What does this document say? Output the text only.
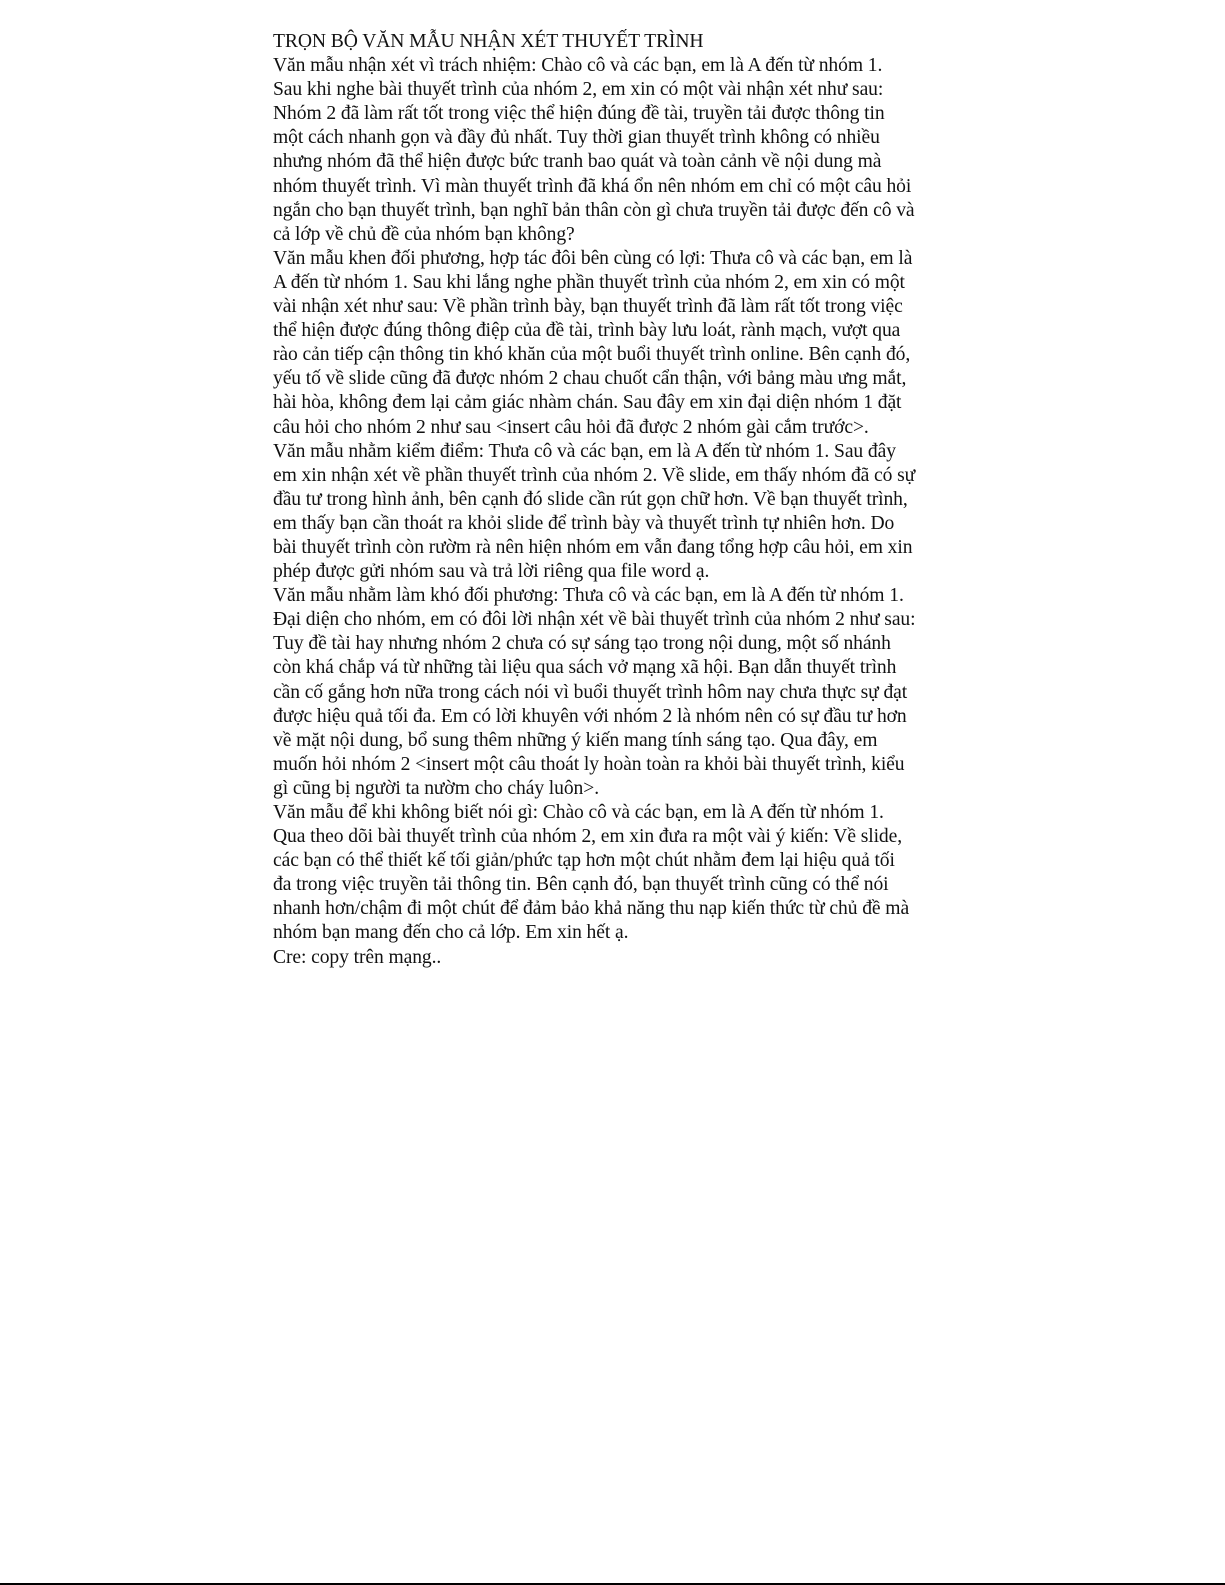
TRỌN BỘ VĂN MẪU NHẬN XÉT THUYẾT TRÌNH
Văn mẫu nhận xét vì trách nhiệm: Chào cô và các bạn, em là A đến từ nhóm 1.
Sau khi nghe bài thuyết trình của nhóm 2, em xin có một vài nhận xét như sau:
Nhóm 2 đã làm rất tốt trong việc thể hiện đúng đề tài, truyền tải được thông tin
một cách nhanh gọn và đầy đủ nhất. Tuy thời gian thuyết trình không có nhiều
nhưng nhóm đã thể hiện được bức tranh bao quát và toàn cảnh về nội dung mà
nhóm thuyết trình. Vì màn thuyết trình đã khá ổn nên nhóm em chỉ có một câu hỏi
ngắn cho bạn thuyết trình, bạn nghĩ bản thân còn gì chưa truyền tải được đến cô và
cả lớp về chủ đề của nhóm bạn không?
Văn mẫu khen đối phương, hợp tác đôi bên cùng có lợi: Thưa cô và các bạn, em là
A đến từ nhóm 1. Sau khi lắng nghe phần thuyết trình của nhóm 2, em xin có một
vài nhận xét như sau: Về phần trình bày, bạn thuyết trình đã làm rất tốt trong việc
thể hiện được đúng thông điệp của đề tài, trình bày lưu loát, rành mạch, vượt qua
rào cản tiếp cận thông tin khó khăn của một buổi thuyết trình online. Bên cạnh đó,
yếu tố về slide cũng đã được nhóm 2 chau chuốt cẩn thận, với bảng màu ưng mắt,
hài hòa, không đem lại cảm giác nhàm chán. Sau đây em xin đại diện nhóm 1 đặt
câu hỏi cho nhóm 2 như sau <insert câu hỏi đã được 2 nhóm gài cắm trước>.
Văn mẫu nhằm kiểm điểm: Thưa cô và các bạn, em là A đến từ nhóm 1. Sau đây
em xin nhận xét về phần thuyết trình của nhóm 2. Về slide, em thấy nhóm đã có sự
đầu tư trong hình ảnh, bên cạnh đó slide cần rút gọn chữ hơn. Về bạn thuyết trình,
em thấy bạn cần thoát ra khỏi slide để trình bày và thuyết trình tự nhiên hơn. Do
bài thuyết trình còn rườm rà nên hiện nhóm em vẫn đang tổng hợp câu hỏi, em xin
phép được gửi nhóm sau và trả lời riêng qua file word ạ.
Văn mẫu nhằm làm khó đối phương: Thưa cô và các bạn, em là A đến từ nhóm 1.
Đại diện cho nhóm, em có đôi lời nhận xét về bài thuyết trình của nhóm 2 như sau:
Tuy đề tài hay nhưng nhóm 2 chưa có sự sáng tạo trong nội dung, một số nhánh
còn khá chắp vá từ những tài liệu qua sách vở mạng xã hội. Bạn dẫn thuyết trình
cần cố gắng hơn nữa trong cách nói vì buổi thuyết trình hôm nay chưa thực sự đạt
được hiệu quả tối đa. Em có lời khuyên với nhóm 2 là nhóm nên có sự đầu tư hơn
về mặt nội dung, bổ sung thêm những ý kiến mang tính sáng tạo. Qua đây, em
muốn hỏi nhóm 2 <insert một câu thoát ly hoàn toàn ra khỏi bài thuyết trình, kiểu
gì cũng bị người ta nườm cho cháy luôn>.
Văn mẫu để khi không biết nói gì: Chào cô và các bạn, em là A đến từ nhóm 1.
Qua theo dõi bài thuyết trình của nhóm 2, em xin đưa ra một vài ý kiến: Về slide,
các bạn có thể thiết kế tối giản/phức tạp hơn một chút nhằm đem lại hiệu quả tối
đa trong việc truyền tải thông tin. Bên cạnh đó, bạn thuyết trình cũng có thể nói
nhanh hơn/chậm đi một chút để đảm bảo khả năng thu nạp kiến thức từ chủ đề mà
nhóm bạn mang đến cho cả lớp. Em xin hết ạ.
Cre: copy trên mạng..
